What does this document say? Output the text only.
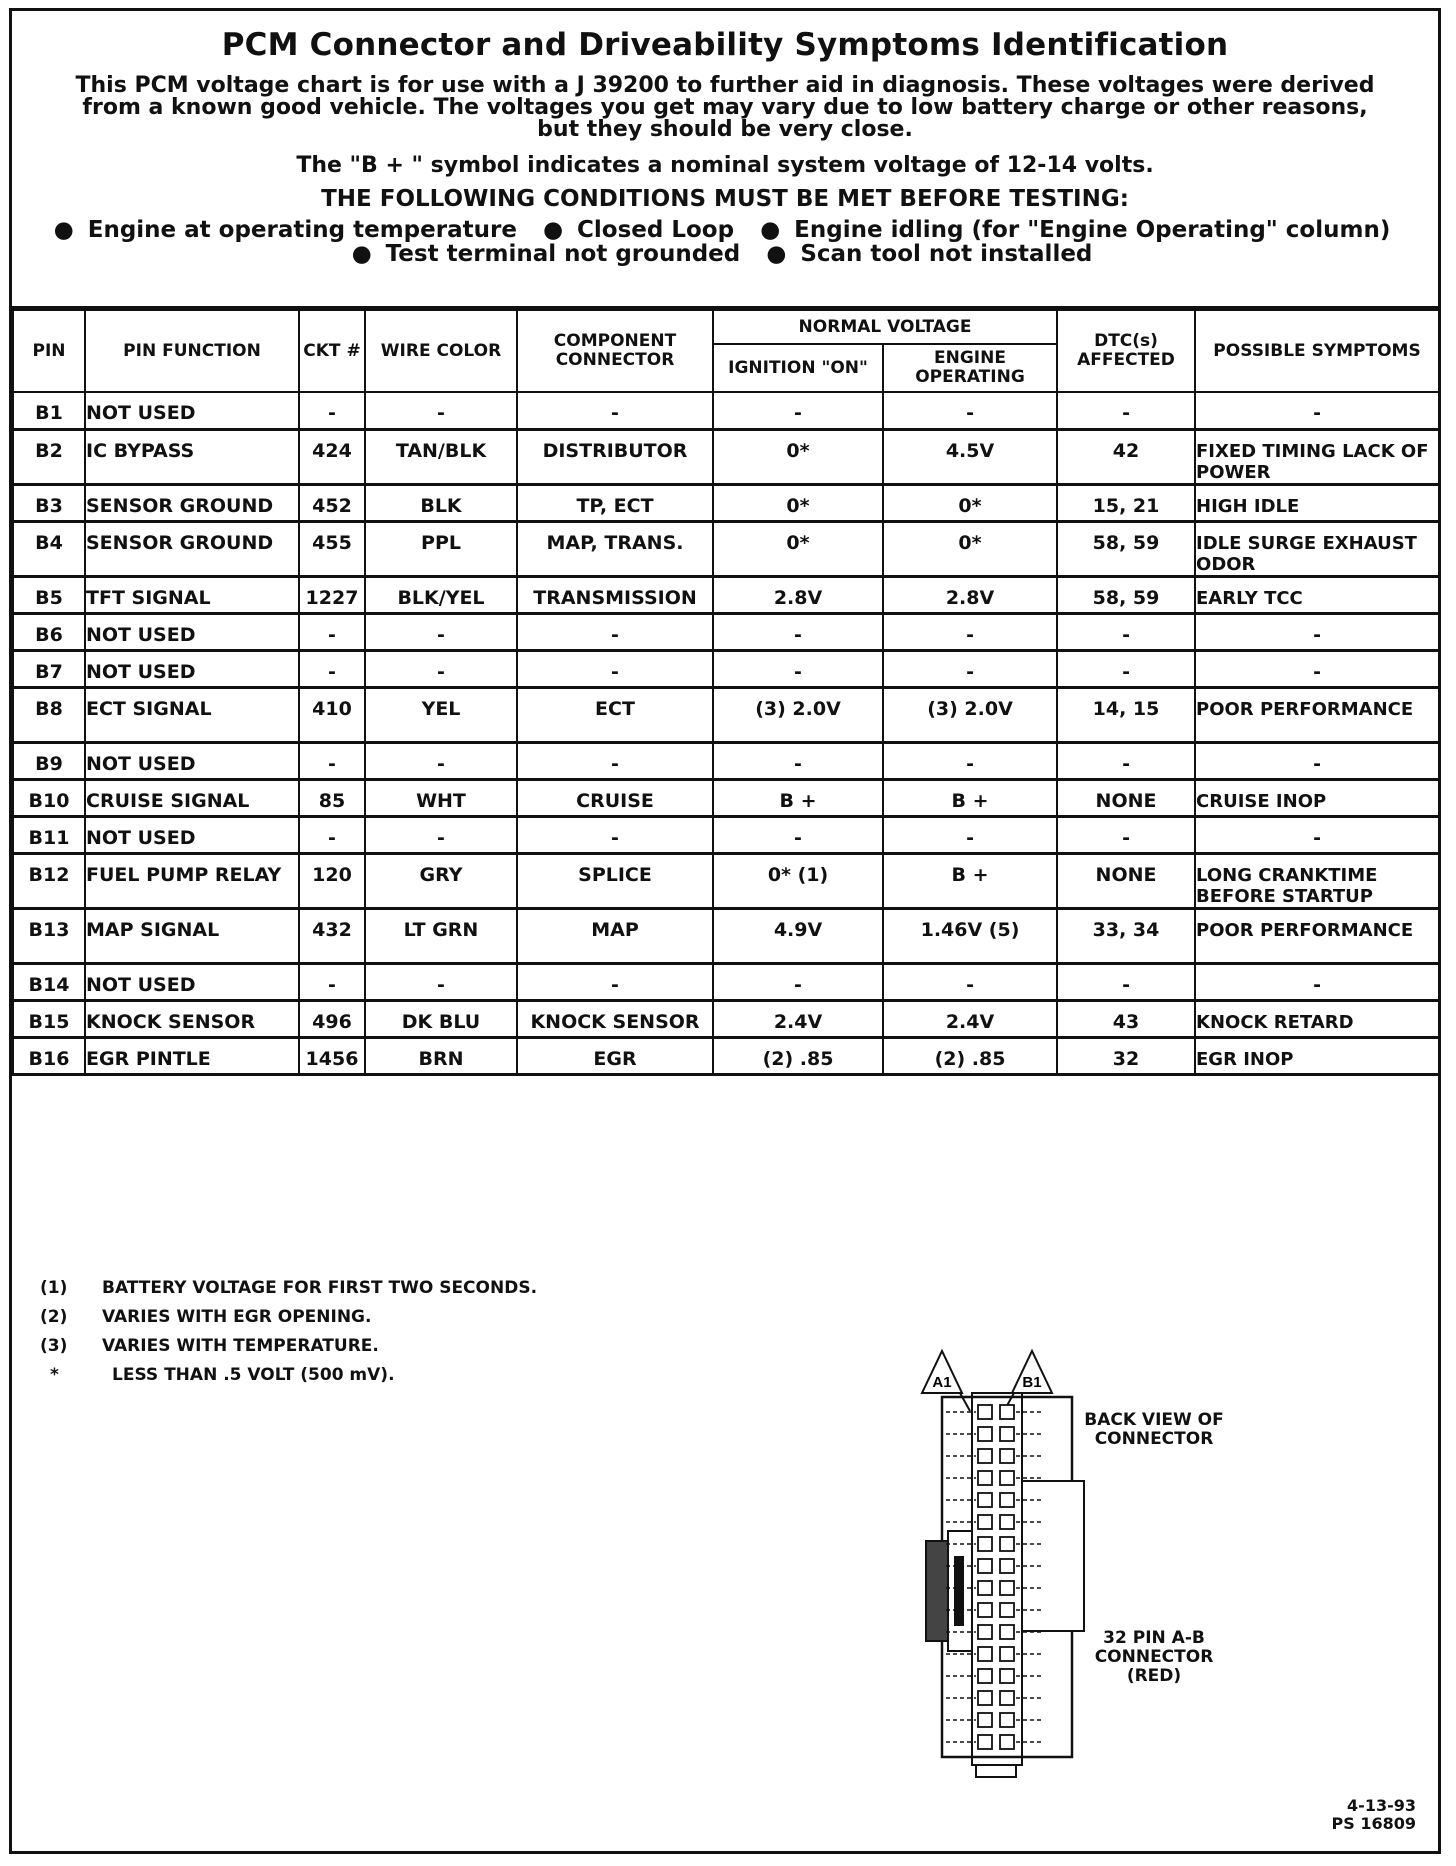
PCM Connector and Driveability Symptoms Identification
This PCM voltage chart is for use with a J 39200 to further aid in diagnosis. These voltages were derived
from a known good vehicle. The voltages you get may vary due to low battery charge or other reasons,
but they should be very close.
The "B + " symbol indicates a nominal system voltage of 12-14 volts.
THE FOLLOWING CONDITIONS MUST BE MET BEFORE TESTING:
● Engine at operating temperature ● Closed Loop ● Engine idling (for "Engine Operating" column)
● Test terminal not grounded ● Scan tool not installed
PIN	PIN FUNCTION	CKT #	WIRE COLOR	COMPONENT CONNECTOR	NORMAL VOLTAGE		DTC(s) AFFECTED	POSSIBLE SYMPTOMS
					IGNITION "ON"	ENGINE OPERATING		
B1	NOT USED	-	-	-	-	-	-	-
B2	IC BYPASS	424	TAN/BLK	DISTRIBUTOR	0*	4.5V	42	FIXED TIMING LACK OF POWER
B3	SENSOR GROUND	452	BLK	TP, ECT	0*	0*	15, 21	HIGH IDLE
B4	SENSOR GROUND	455	PPL	MAP, TRANS.	0*	0*	58, 59	IDLE SURGE EXHAUST ODOR
B5	TFT SIGNAL	1227	BLK/YEL	TRANSMISSION	2.8V	2.8V	58, 59	EARLY TCC
B6	NOT USED	-	-	-	-	-	-	-
B7	NOT USED	-	-	-	-	-	-	-
B8	ECT SIGNAL	410	YEL	ECT	(3) 2.0V	(3) 2.0V	14, 15	POOR PERFORMANCE
B9	NOT USED	-	-	-	-	-	-	-
B10	CRUISE SIGNAL	85	WHT	CRUISE	B +	B +	NONE	CRUISE INOP
B11	NOT USED	-	-	-	-	-	-	-
B12	FUEL PUMP RELAY	120	GRY	SPLICE	0* (1)	B +	NONE	LONG CRANKTIME BEFORE STARTUP
B13	MAP SIGNAL	432	LT GRN	MAP	4.9V	1.46V (5)	33, 34	POOR PERFORMANCE
B14	NOT USED	-	-	-	-	-	-	-
B15	KNOCK SENSOR	496	DK BLU	KNOCK SENSOR	2.4V	2.4V	43	KNOCK RETARD
B16	EGR PINTLE	1456	BRN	EGR	(2) .85	(2) .85	32	EGR INOP
(1)	BATTERY VOLTAGE FOR FIRST TWO SECONDS.
(2)	VARIES WITH EGR OPENING.
(3)	VARIES WITH TEMPERATURE.
*	LESS THAN .5 VOLT (500 mV).	A1	B1
BACK VIEW OF CONNECTOR
32 PIN A-B CONNECTOR (RED)
4-13-93
PS 16809
